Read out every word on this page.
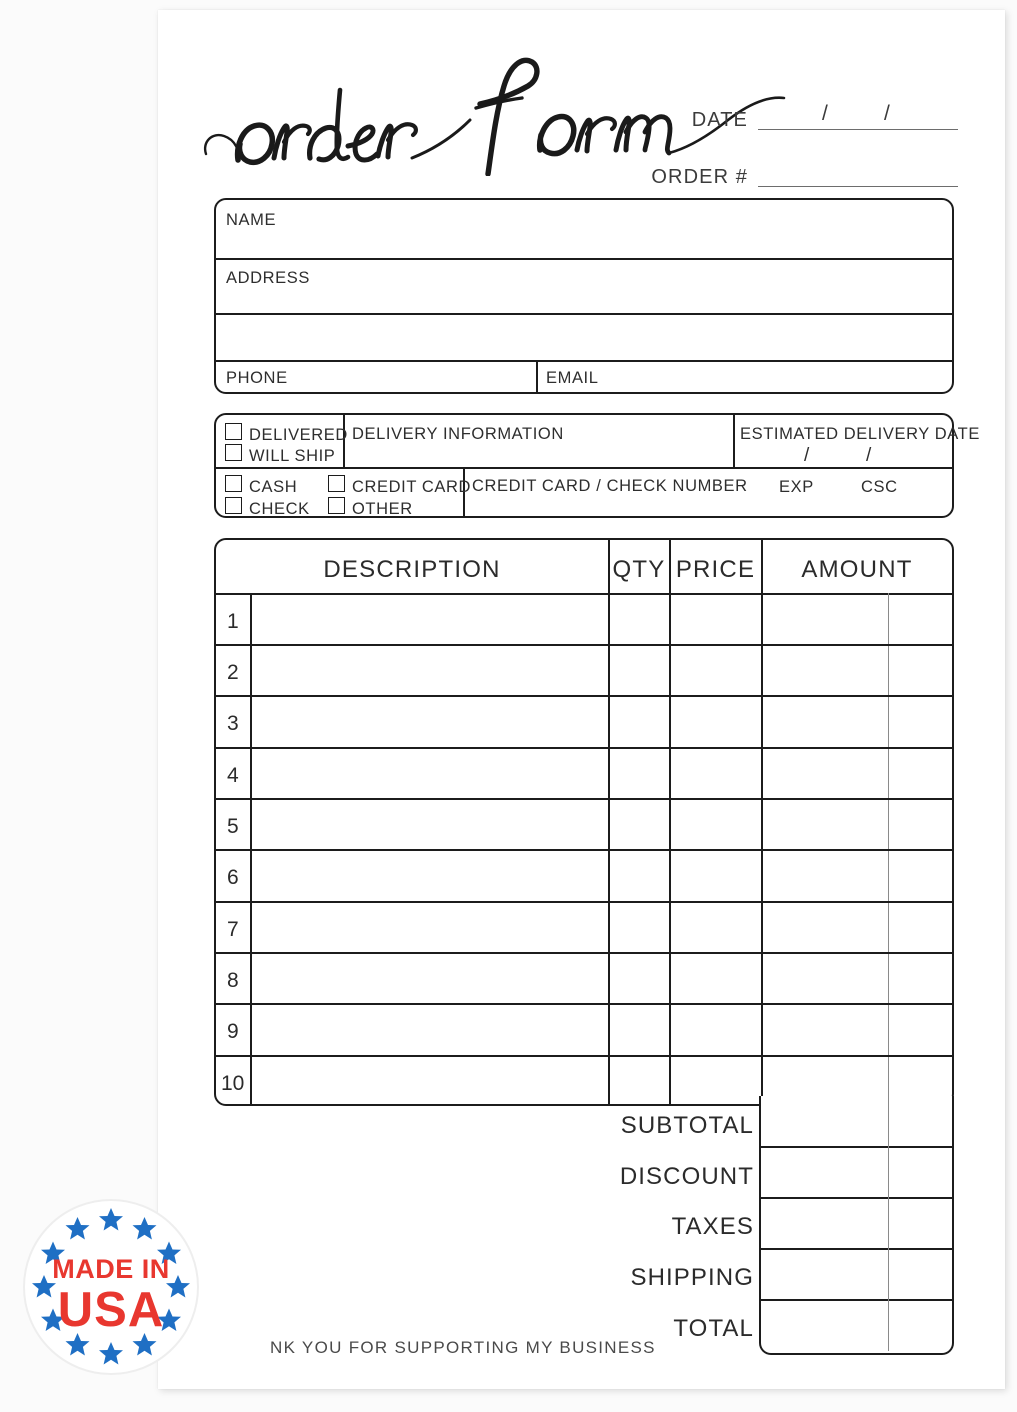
DATE	/	/
ORDER #
NAME
ADDRESS
PHONE	EMAIL
DELIVERED
WILL SHIP
DELIVERY INFORMATION	ESTIMATED DELIVERY DATE
/	/
CASH
CHECK
CREDIT CARD
OTHER
CREDIT CARD / CHECK NUMBER EXP	CSC
DESCRIPTION	QTY PRICE	AMOUNT
1
2
3
4
5
6
7
8
9
10
SUBTOTAL
DISCOUNT
TAXES
SHIPPING
TOTAL
NK YOU FOR SUPPORTING MY BUSINESS
MADE IN
USA
